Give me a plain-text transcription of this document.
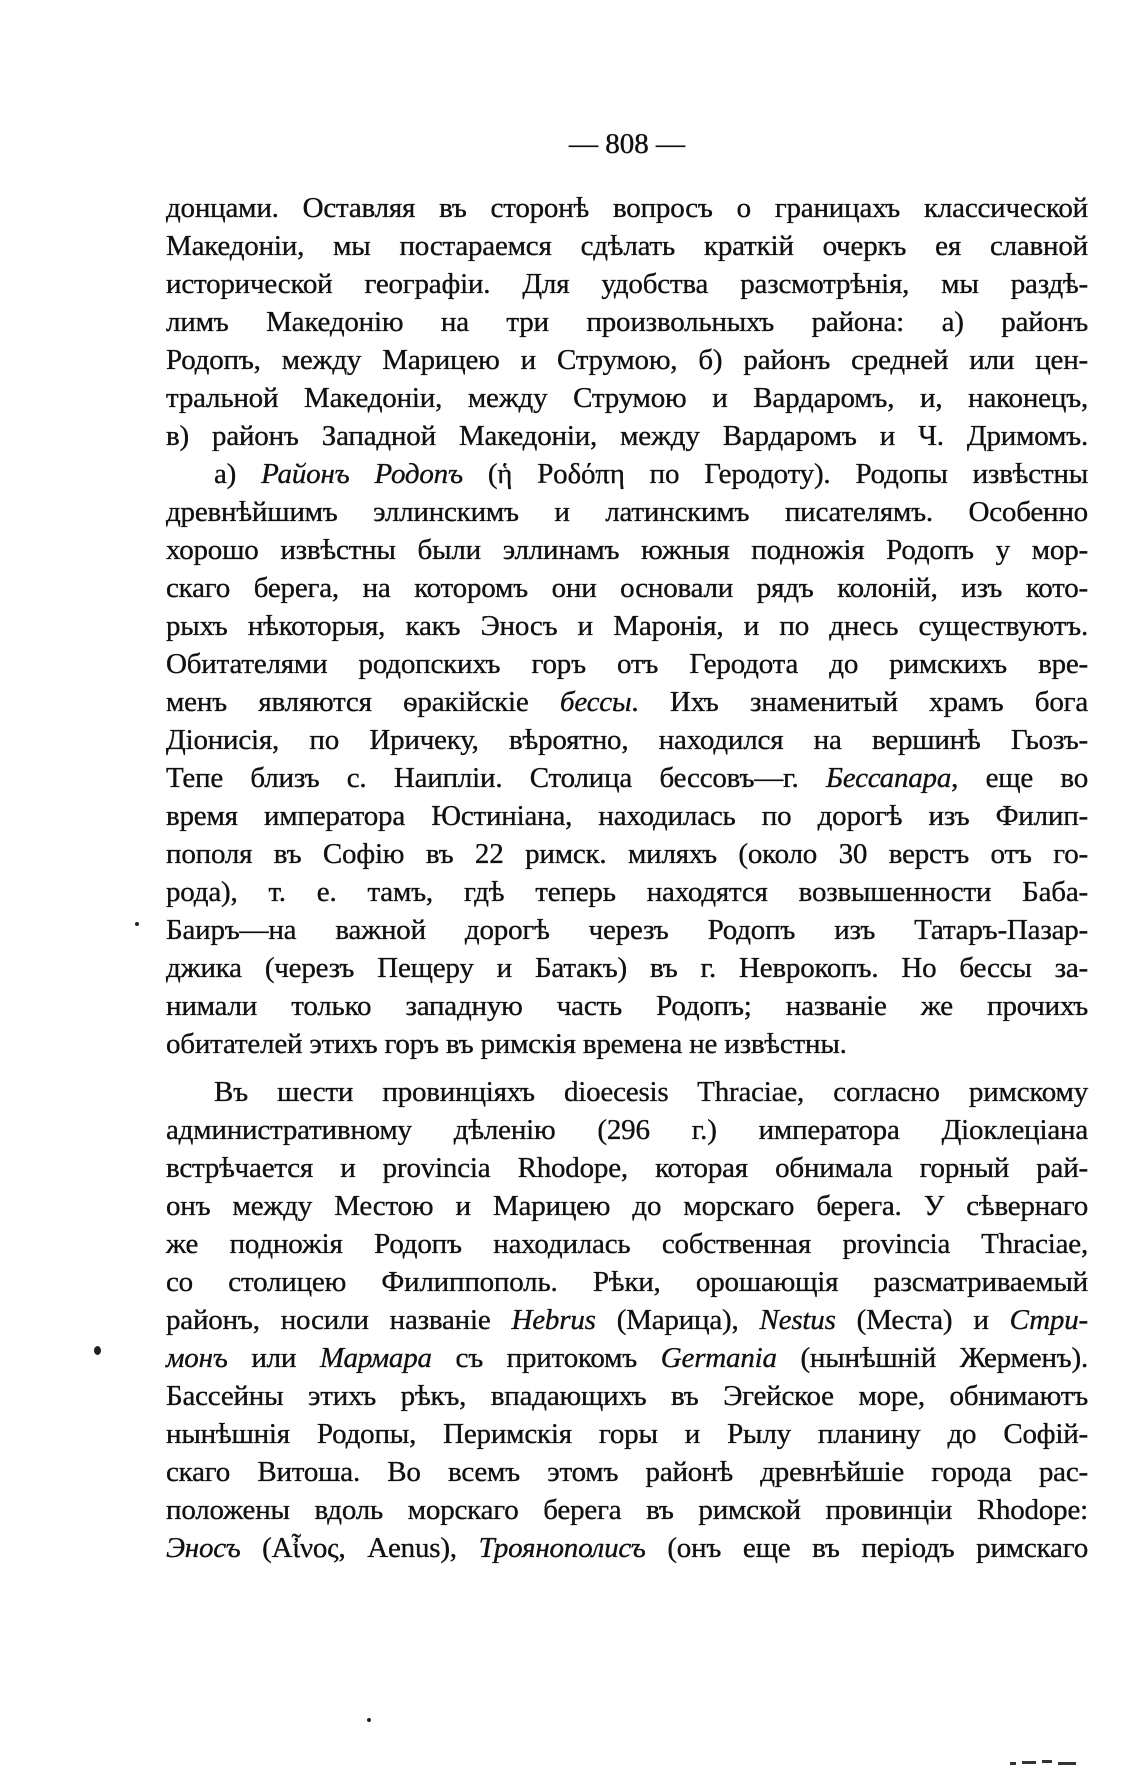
— 808 —
донцами. Оставляя въ сторонѣ вопросъ о границахъ классической
Македоніи, мы постараемся сдѣлать краткій очеркъ ея славной
исторической географіи. Для удобства разсмотрѣнія, мы раздѣ-
лимъ Македонію на три произвольныхъ района: а) районъ
Родопъ, между Марицею и Струмою, б) районъ средней или цен-
тральной Македоніи, между Струмою и Вардаромъ, и, наконецъ,
в) районъ Западной Македоніи, между Вардаромъ и Ч. Дримомъ.
а) Районъ Родопъ (ἡ Ροδόπη по Геродоту). Родопы извѣстны
древнѣйшимъ эллинскимъ и латинскимъ писателямъ. Особенно
хорошо извѣстны были эллинамъ южныя подножія Родопъ у мор-
скаго берега, на которомъ они основали рядъ колоній, изъ кото-
рыхъ нѣкоторыя, какъ Эносъ и Маронія, и по днесь существуютъ.
Обитателями родопскихъ горъ отъ Геродота до римскихъ вре-
менъ являются ѳракійскіе бессы. Ихъ знаменитый храмъ бога
Діонисія, по Иричеку, вѣроятно, находился на вершинѣ Гьозъ-
Тепе близъ с. Наипліи. Столица бессовъ—г. Бессапара, еще во
время императора Юстиніана, находилась по дорогѣ изъ Филип-
пополя въ Софію въ 22 римск. миляхъ (около 30 верстъ отъ го-
рода), т. е. тамъ, гдѣ теперь находятся возвышенности Баба-
Баиръ—на важной дорогѣ черезъ Родопъ изъ Татаръ-Пазар-
джика (черезъ Пещеру и Батакъ) въ г. Неврокопъ. Но бессы за-
нимали только западную часть Родопъ; названіе же прочихъ
обитателей этихъ горъ въ римскія времена не извѣстны.
Въ шести провинціяхъ dioecesis Thraciae, согласно римскому
административному дѣленію (296 г.) императора Діоклеціана
встрѣчается и provincia Rhodope, которая обнимала горный рай-
онъ между Местою и Марицею до морскаго берега. У сѣвернаго
же подножія Родопъ находилась собственная provincia Thraciae,
со столицею Филиппополь. Рѣки, орошающія разсматриваемый
районъ, носили названіе Hebrus (Марица), Nestus (Места) и Стри-
монъ или Мармара съ притокомъ Germania (нынѣшній Жерменъ).
Бассейны этихъ рѣкъ, впадающихъ въ Эгейское море, обнимаютъ
нынѣшнія Родопы, Перимскія горы и Рылу планину до Софій-
скаго Витоша. Во всемъ этомъ районѣ древнѣйшіе города рас-
положены вдоль морскаго берега въ римской провинціи Rhodope:
Эносъ (Αἶνος, Aenus), Троянополисъ (онъ еще въ періодъ римскаго
